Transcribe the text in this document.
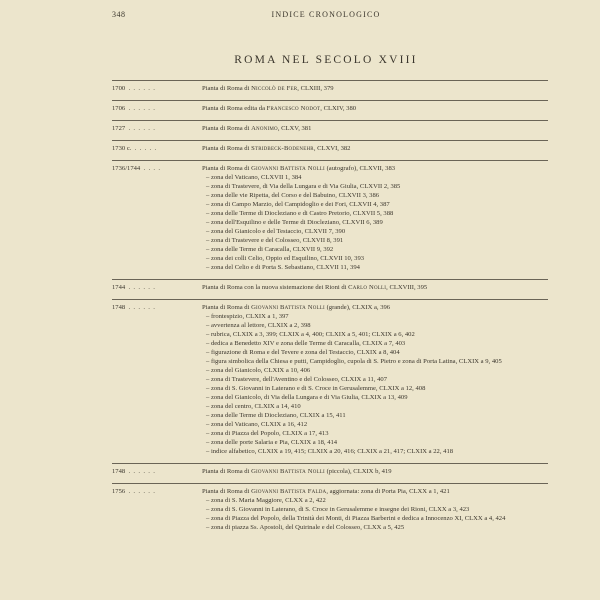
348	INDICE CRONOLOGICO
ROMA NEL SECOLO XVIII
1700  .  .  .  .  .  .	Pianta di Roma di Niccolò de Fer, CLXIII, 379
1706  .  .  .  .  .  .	Pianta di Roma edita da Francesco Nodot, CLXIV, 380
1727  .  .  .  .  .  .	Pianta di Roma di Anonimo, CLXV, 381
1730 c.  .  .  .  .  .	Pianta di Roma di Stridbeck-Bodenehr, CLXVI, 382
1736/1744  .  .  .  .	Pianta di Roma di Giovanni Battista Nolli (autografo), CLXVII, 383
– zona del Vaticano, CLXVII 1, 384
– zona di Trastevere, di Via della Lungara e di Via Giulia, CLXVII 2, 385
– zona delle vie Ripetta, del Corso e del Babuino, CLXVII 3, 386
– zona di Campo Marzio, del Campidoglio e dei Fori, CLXVII 4, 387
– zona delle Terme di Diocleziano e di Castro Pretorio, CLXVII 5, 388
– zona dell'Esquilino e delle Terme di Diocleziano, CLXVII 6, 389
– zona del Gianicolo e del Testaccio, CLXVII 7, 390
– zona di Trastevere e del Colosseo, CLXVII 8, 391
– zona delle Terme di Caracalla, CLXVII 9, 392
– zona dei colli Celio, Oppio ed Esquilino, CLXVII 10, 393
– zona del Celio e di Porta S. Sebastiano, CLXVII 11, 394
1744  .  .  .  .  .  .	Pianta di Roma con la nuova sistemazione dei Rioni di Carlo Nolli, CLXVIII, 395
1748  .  .  .  .  .  .	Pianta di Roma di Giovanni Battista Nolli (grande), CLXIX a, 396
– frontespizio, CLXIX a 1, 397
– avvertenza al lettore, CLXIX a 2, 398
– rubrica, CLXIX a 3, 399; CLXIX a 4, 400; CLXIX a 5, 401; CLXIX a 6, 402
– dedica a Benedetto XIV e zona delle Terme di Caracalla, CLXIX a 7, 403
– figurazione di Roma e del Tevere e zona del Testaccio, CLXIX a 8, 404
– figura simbolica della Chiesa e putti, Campidoglio, cupola di S. Pietro e zona di Porta Latina, CLXIX a 9, 405
– zona del Gianicolo, CLXIX a 10, 406
– zona di Trastevere, dell'Aventino e del Colosseo, CLXIX a 11, 407
– zona di S. Giovanni in Laterano e di S. Croce in Gerusalemme, CLXIX a 12, 408
– zona del Gianicolo, di Via della Lungara e di Via Giulia, CLXIX a 13, 409
– zona del centro, CLXIX a 14, 410
– zona delle Terme di Diocleziano, CLXIX a 15, 411
– zona del Vaticano, CLXIX a 16, 412
– zona di Piazza del Popolo, CLXIX a 17, 413
– zona delle porte Salaria e Pia, CLXIX a 18, 414
– indice alfabetico, CLXIX a 19, 415; CLXIX a 20, 416; CLXIX a 21, 417; CLXIX a 22, 418
1748  .  .  .  .  .  .	Pianta di Roma di Giovanni Battista Nolli (piccola), CLXIX b, 419
1756  .  .  .  .  .  .	Pianta di Roma di Giovanni Battista Falda, aggiornata: zona di Porta Pia, CLXX a 1, 421
– zona di S. Maria Maggiore, CLXX a 2, 422
– zona di S. Giovanni in Laterano, di S. Croce in Gerusalemme e insegne dei Rioni, CLXX a 3, 423
– zona di Piazza del Popolo, della Trinità dei Monti, di Piazza Barberini e dedica a Innocenzo XI, CLXX a 4, 424
– zona di piazza Ss. Apostoli, del Quirinale e del Colosseo, CLXX a 5, 425
